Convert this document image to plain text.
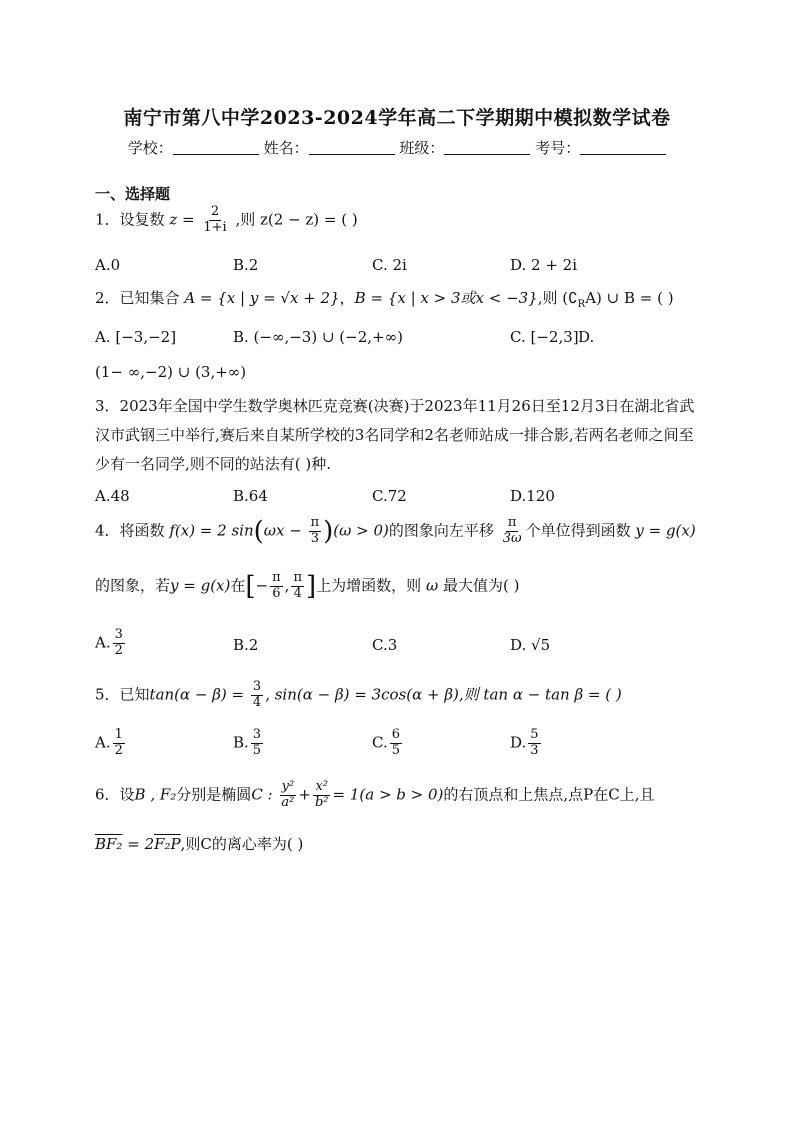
南宁市第八中学2023-2024学年高二下学期期中模拟数学试卷
学校：	姓名：	班级：	考号：
一、选择题
1．设复数 $z = \frac{2}{1+i}$ ,则 z(2 − z) = ( )
A.0	B.2	C. 2i	D. 2 + 2i
2．已知集合 A = {x | y = √x + 2}，B = {x | x > 3或x < −3},则 $(∁_RA)$ ∪ B = ( )
A. [−3,−2]	B. (−∞,−3) ∪ (−2,+∞)	C. [−2,3] D.
(1− ∞,−2) ∪ (3,+∞)
3．2023年全国中学生数学奥林匹克竞赛(决赛)于2023年11月26日至12月3日在湖北省武汉市武钢三中举行,赛后来自某所学校的3名同学和2名老师站成一排合影,若两名老师之间至少有一名同学,则不同的站法有( )种.
A.48	B.64	C.72	D.120
4．将函数 f(x) = 2 $\sin(\omega x - \frac{\pi}{3} )(\omega > 0)$的图象向左平移 $\frac{\pi}{3\omega}$ 个单位得到函数 y = g(x)
的图象，若y = g(x)在[− $\frac{\pi}{6}$ , $\frac{\pi}{4}$ ]上为增函数，则 ω 最大值为( )
A. $\frac{3}{2}$	B.2	C.3	D. √5
5．已知$\tan(\alpha - \beta) = \frac{3}{4}$ , sin(α − β) = 3cos(α + β),则 tan α − tan β = ( )
A. $\frac{1}{2}$	B. $\frac{3}{5}$	C. $\frac{6}{5}$	D. $\frac{5}{3}$
6．设B , F₂分别是椭圆C : $\frac{\text{y²}}{\text{a²}} + \frac{\text{x²}}{\text{b²}} = 1(a > b > 0)$的右顶点和上焦点,点P在C上,且
BF₂ = 2F₂P,则C的离心率为( )
